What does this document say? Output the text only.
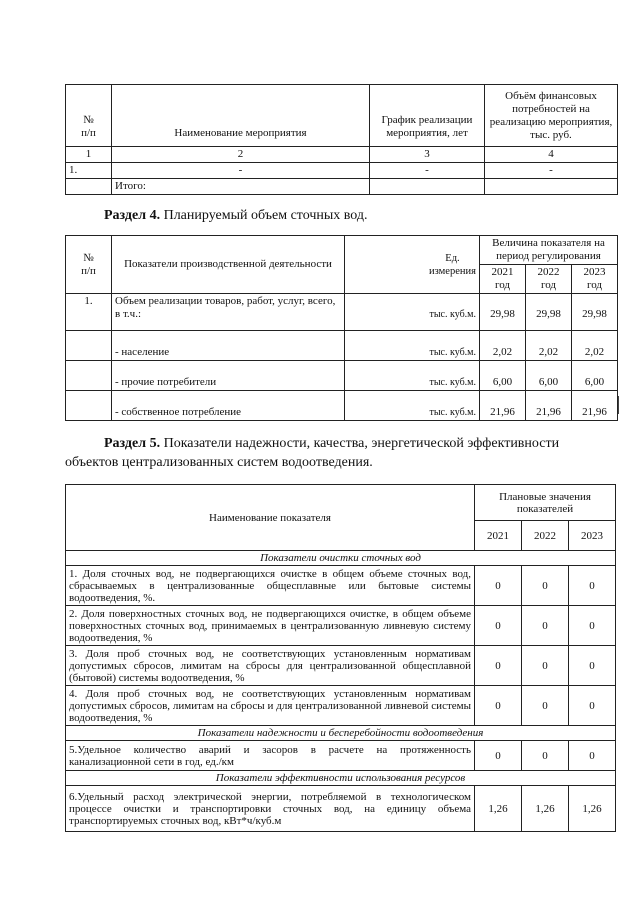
№
п/п	Наименование мероприятия	График реализации мероприятия, лет	Объём финансовых потребностей на реализацию мероприятия, тыс. руб.
1	2	3	4
1.	-	-	-
	Итого:		
Раздел 4. Планируемый объем сточных вод.
№
п/п	Показатели производственной деятельности	Ед. измерения	Величина показателя на период регулирования		
			2021 год	2022 год	2023 год
1.	Объем реализации товаров, работ, услуг, всего, в т.ч.:	тыс. куб.м.	29,98	29,98	29,98
	- население	тыс. куб.м.	2,02	2,02	2,02
	- прочие потребители	тыс. куб.м.	6,00	6,00	6,00
	- собственное потребление	тыс. куб.м.	21,96	21,96	21,96
Раздел 5. Показатели надежности, качества, энергетической эффективности объектов централизованных систем водоотведения.
Наименование показателя	Плановые значения показателей		
	2021	2022	2023
Показатели очистки сточных вод			
1. Доля сточных вод, не подвергающихся очистке в общем объеме сточных вод, сбрасываемых в централизованные общесплавные или бытовые системы водоотведения, %.	0	0	0
2. Доля поверхностных сточных вод, не подвергающихся очистке, в общем объеме поверхностных сточных вод, принимаемых в централизованную ливневую систему водоотведения, %	0	0	0
3. Доля проб сточных вод, не соответствующих установленным нормативам допустимых сбросов, лимитам на сбросы для централизованной общесплавной (бытовой) системы водоотведения, %	0	0	0
4. Доля проб сточных вод, не соответствующих установленным нормативам допустимых сбросов, лимитам на сбросы и для централизованной ливневой системы водоотведения, %	0	0	0
Показатели надежности и бесперебойности водоотведения			
5.Удельное количество аварий и засоров в расчете на протяженность канализационной сети в год, ед./км	0	0	0
Показатели эффективности использования ресурсов			
6.Удельный расход электрической энергии, потребляемой в технологическом процессе очистки и транспортировки сточных вод, на единицу объема транспортируемых сточных вод, кВт*ч/куб.м	1,26	1,26	1,26
